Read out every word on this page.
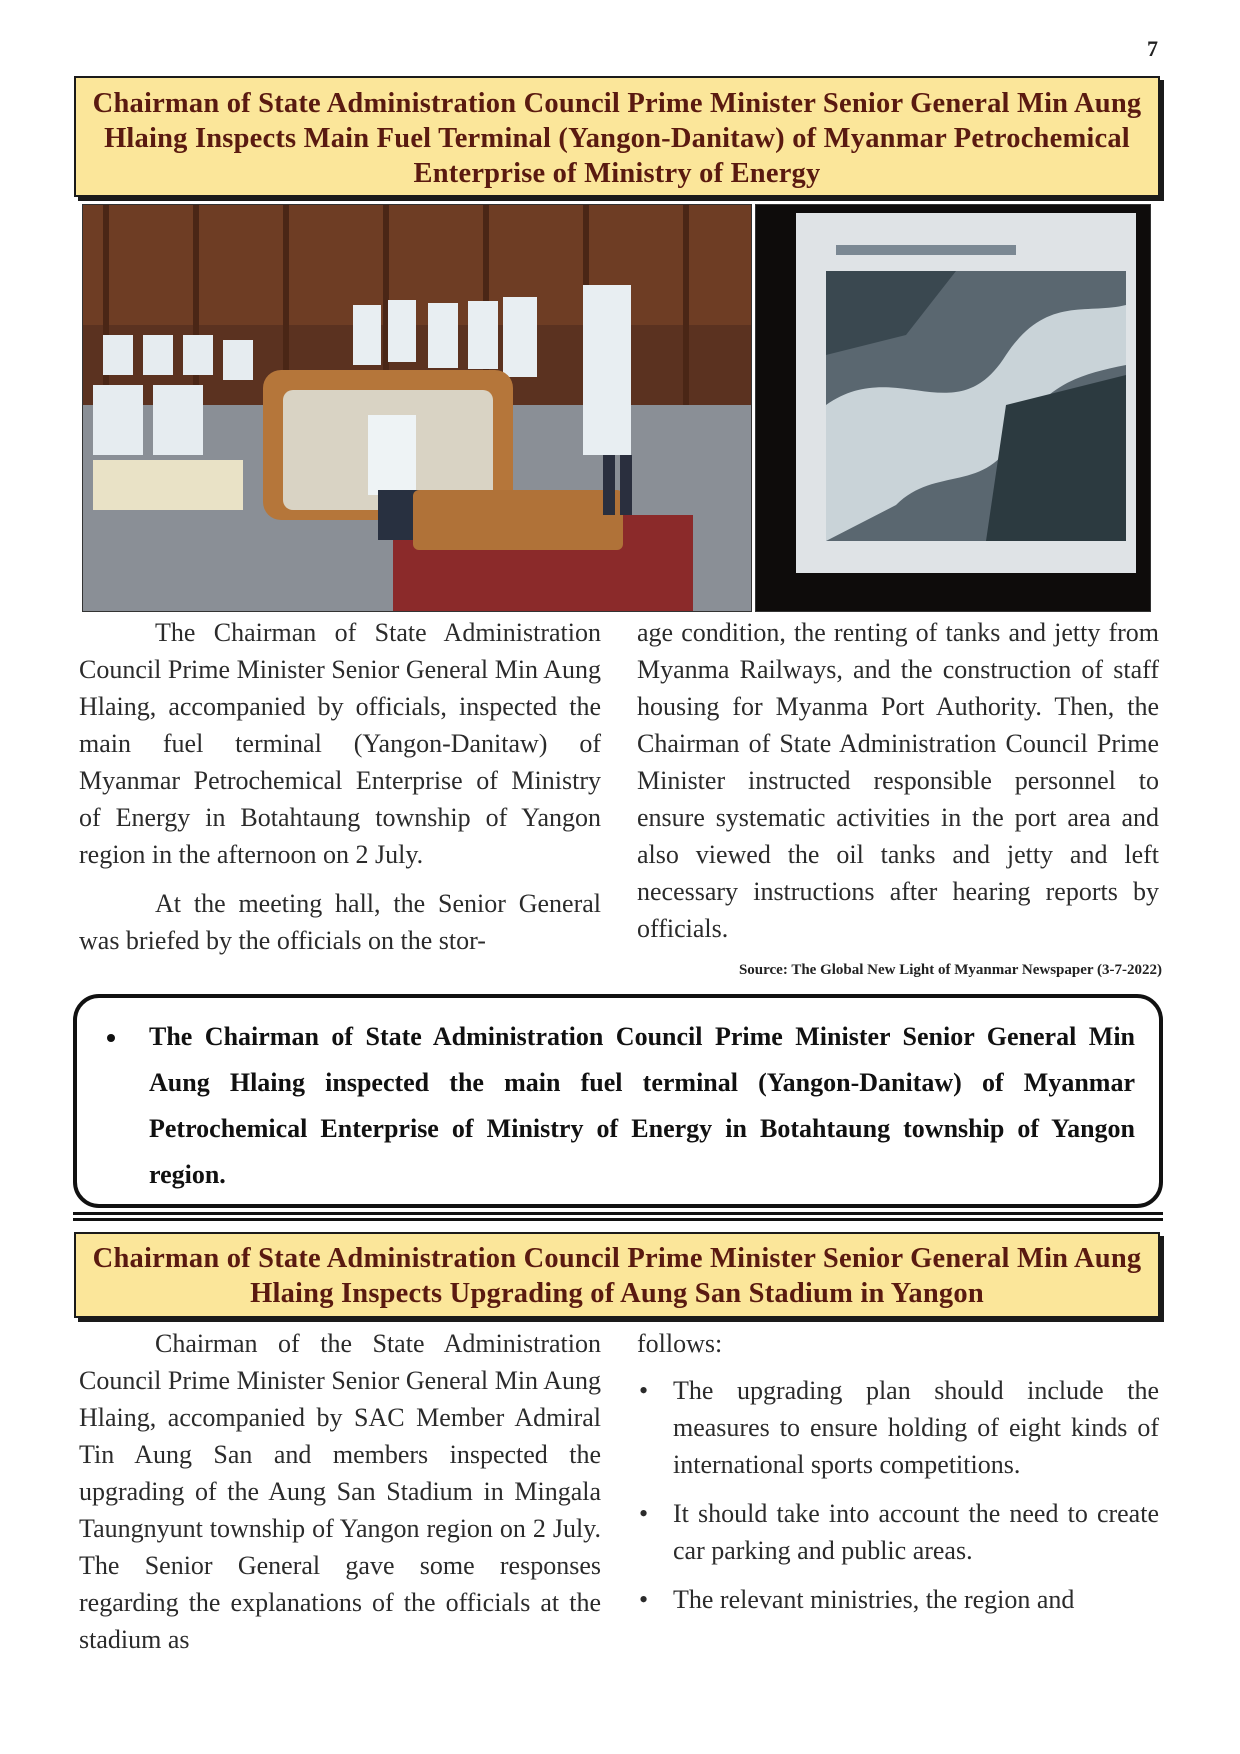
7
Chairman of State Administration Council Prime Minister Senior General Min Aung Hlaing Inspects Main Fuel Terminal (Yangon-Danitaw) of Myanmar Petrochemical Enterprise of Ministry of Energy

The Chairman of State Administration Council Prime Minister Senior General Min Aung Hlaing, accompanied by officials, inspected the main fuel terminal (Yangon-Danitaw) of Myanmar Petrochemical Enterprise of Ministry of Energy in Botahtaung township of Yangon region in the afternoon on 2 July.

At the meeting hall, the Senior General was briefed by the officials on the stor-

age condition, the renting of tanks and jetty from Myanma Railways, and the construction of staff housing for Myanma Port Authority. Then, the Chairman of State Administration Council Prime Minister instructed responsible personnel to ensure systematic activities in the port area and also viewed the oil tanks and jetty and left necessary instructions after hearing reports by officials.

Source: The Global New Light of Myanmar Newspaper (3-7-2022)
• The Chairman of State Administration Council Prime Minister Senior General Min Aung Hlaing inspected the main fuel terminal (Yangon-Danitaw) of Myanmar Petrochemical Enterprise of Ministry of Energy in Botahtaung township of Yangon region.
Chairman of State Administration Council Prime Minister Senior General Min Aung Hlaing Inspects Upgrading of Aung San Stadium in Yangon

Chairman of the State Administration Council Prime Minister Senior General Min Aung Hlaing, accompanied by SAC Member Admiral Tin Aung San and members inspected the upgrading of the Aung San Stadium in Mingala Taungnyunt township of Yangon region on 2 July. The Senior General gave some responses regarding the explanations of the officials at the stadium as

follows:

• The upgrading plan should include the measures to ensure holding of eight kinds of international sports competitions.
• It should take into account the need to create car parking and public areas.
• The relevant ministries, the region and
